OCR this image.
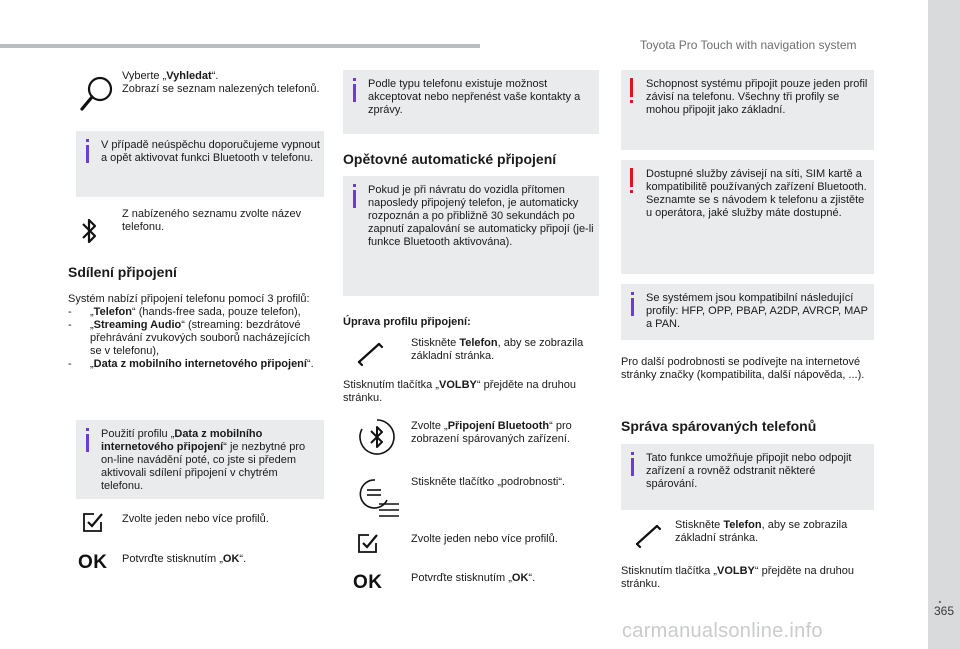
Toyota Pro Touch with navigation system
.
365
Vyberte „Vyhledat“.
Zobrazí se seznam nalezených telefonů.
V případě neúspěchu doporučujeme vypnout a opět aktivovat funkci Bluetooth v telefonu.
Z nabízeného seznamu zvolte název telefonu.
Sdílení připojení
Systém nabízí připojení telefonu pomocí 3 profilů:
- „Telefon“ (hands-free sada, pouze telefon),
- „Streaming Audio“ (streaming: bezdrátové přehrávání zvukových souborů nacházejících se v telefonu),
- „Data z mobilního internetového připojení“.
Použití profilu „Data z mobilního internetového připojení“ je nezbytné pro on-line navádění poté, co jste si předem aktivovali sdílení připojení v chytrém telefonu.
Zvolte jeden nebo více profilů.
OK Potvrďte stisknutím „OK“.
Podle typu telefonu existuje možnost akceptovat nebo nepřenést vaše kontakty a zprávy.
Opětovné automatické připojení
Pokud je při návratu do vozidla přítomen naposledy připojený telefon, je automaticky rozpoznán a po přibližně 30 sekundách po zapnutí zapalování se automaticky připojí (je-li funkce Bluetooth aktivována).
Úprava profilu připojení:
Stiskněte Telefon, aby se zobrazila základní stránka.
Stisknutím tlačítka „VOLBY“ přejděte na druhou stránku.
Zvolte „Připojení Bluetooth“ pro zobrazení spárovaných zařízení.
Stiskněte tlačítko „podrobnosti“.
Zvolte jeden nebo více profilů.
OK	Potvrďte stisknutím „OK“.
Schopnost systému připojit pouze jeden profil závisí na telefonu. Všechny tři profily se mohou připojit jako základní.
Dostupné služby závisejí na síti, SIM kartě a kompatibilitě používaných zařízení Bluetooth. Seznamte se s návodem k telefonu a zjistěte u operátora, jaké služby máte dostupné.
Se systémem jsou kompatibilní následující profily: HFP, OPP, PBAP, A2DP, AVRCP, MAP a PAN.
Pro další podrobnosti se podívejte na internetové stránky značky (kompatibilita, další nápověda, ...).
Správa spárovaných telefonů
Tato funkce umožňuje připojit nebo odpojit zařízení a rovněž odstranit některé spárování.
Stiskněte Telefon, aby se zobrazila základní stránka.
Stisknutím tlačítka „VOLBY“ přejděte na druhou stránku.
carmanualsonline.info
